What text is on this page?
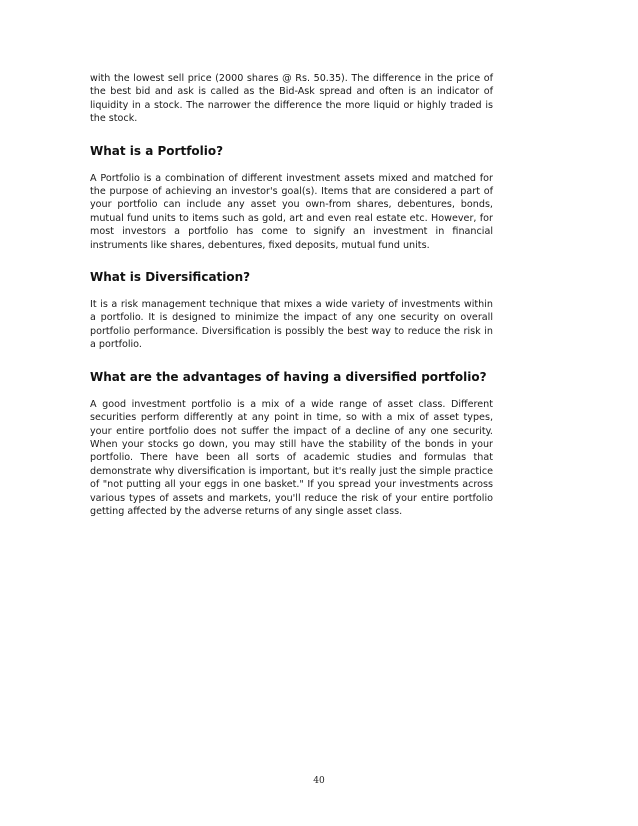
with the lowest sell price (2000 shares @ Rs. 50.35). The difference in the price of the best bid and ask is called as the Bid-Ask spread and often is an indicator of liquidity in a stock. The narrower the difference the more liquid or highly traded is the stock.

What is a Portfolio?

A Portfolio is a combination of different investment assets mixed and matched for the purpose of achieving an investor's goal(s). Items that are considered a part of your portfolio can include any asset you own-from shares, debentures, bonds, mutual fund units to items such as gold, art and even real estate etc. However, for most investors a portfolio has come to signify an investment in financial instruments like shares, debentures, fixed deposits, mutual fund units.

What is Diversification?

It is a risk management technique that mixes a wide variety of investments within a portfolio. It is designed to minimize the impact of any one security on overall portfolio performance. Diversification is possibly the best way to reduce the risk in a portfolio.

What are the advantages of having a diversified portfolio?

A good investment portfolio is a mix of a wide range of asset class. Different securities perform differently at any point in time, so with a mix of asset types, your entire portfolio does not suffer the impact of a decline of any one security. When your stocks go down, you may still have the stability of the bonds in your portfolio. There have been all sorts of academic studies and formulas that demonstrate why diversification is important, but it's really just the simple practice of "not putting all your eggs in one basket." If you spread your investments across various types of assets and markets, you'll reduce the risk of your entire portfolio getting affected by the adverse returns of any single asset class.

40
